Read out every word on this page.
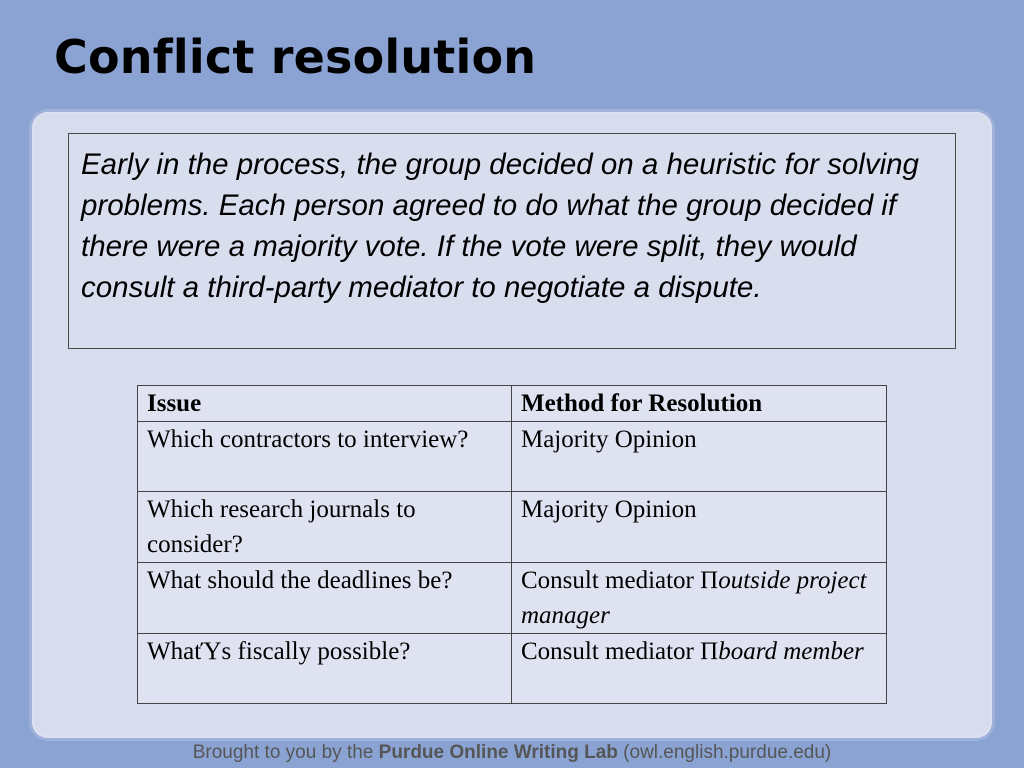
Conflict resolution
Early in the process, the group decided on a heuristic for solving problems. Each person agreed to do what the group decided if there were a majority vote. If the vote were split, they would consult a third-party mediator to negotiate a dispute.
Issue	Method for Resolution
Which contractors to interview?	Majority Opinion
Which research journals to consider?	Majority Opinion
What should the deadlines be?	Consult mediator Πoutside project manager
WhatΎs fiscally possible?	Consult mediator Πboard member
Brought to you by the Purdue Online Writing Lab (owl.english.purdue.edu)
